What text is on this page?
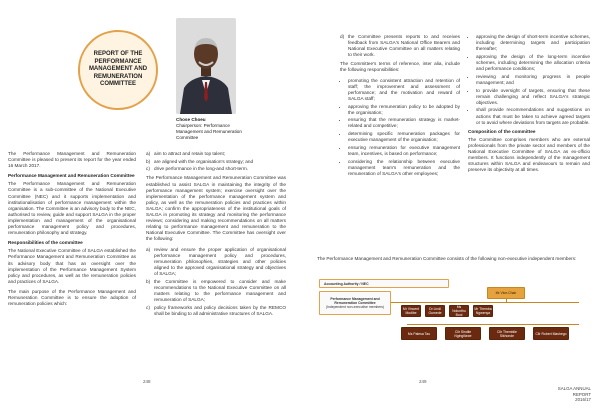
REPORT OF THE PERFORMANCE MANAGEMENT AND REMUNERATION COMMITTEE
Chose Choeu
Chairperson: Performance Management and Remuneration Committee

The Performance Management and Remuneration Committee is pleased to present its report for the year ended 16 March 2017.

Performance Management and Remuneration Committee

The Performance Management and Remuneration Committee is a sub-committee of the National Executive Committee (NEC) and it supports implementation and institutionalisation of performance management within the organisation. The Committee is an advisory body to the NEC, authorised to review, guide and support SALGA in the proper implementation and management of the organisational performance management policy and procedures, remuneration philosophy and strategy.

Responsibilities of the committee

The National Executive Committee of SALGA established the Performance Management and Remuneration Committee as its advisory body that has an oversight over the implementation of the Performance Management System policy and procedures, as well as the remuneration policies and practices of SALGA.

The main purpose of the Performance Management and Remuneration Committee is to ensure the adoption of remuneration policies which:

a) aim to attract and retain top talent;
b) are aligned with the organisation's strategy; and
c) drive performance in the long-and short-term.

The Performance Management and Remuneration Committee was established to assist SALGA in maintaining the integrity of the performance management system; exercise oversight over the implementation of the performance management system and policy, as well as the remuneration policies and practices within SALGA; confirm the appropriateness of the institutional goals of SALGA in promoting its strategy and monitoring the performance reviews; considering and making recommendations on all matters relating to performance management and remuneration to the National Executive Committee. The Committee has oversight over the following:

a) review and ensure the proper application of organisational performance management policy and procedures, remuneration philosophies, strategies and other policies aligned to the approved organisational strategy and objectives of SALGA;
b) the Committee is empowered to consider and make recommendations to the National Executive Committee on all matters relating to the performance management and remuneration of SALGA;
c) policy frameworks and policy decisions taken by the REMCO shall be binding to all administrative structures of SALGA.
248
d) the Committee presents reports to and receives feedback from SALGA's National Office Bearers and National Executive Committee on all matters relating to their work.

The Committee's terms of reference, inter alia, include the following responsibilities:

• promoting the consistent attraction and retention of staff; the improvement and assessment of performance; and the motivation and reward of SALGA staff;
• approving the remuneration policy to be adopted by the organisation;
• ensuring that the remuneration strategy is market-related and competitive;
• determining specific remuneration packages for executive management of the organisation;
• ensuring remuneration for executive management team, incentives, is based on performance;
• considering the relationship between executive management team's remuneration and the remuneration of SALGA's other employees;
• approving the design of short-term incentive schemes, including determining targets and participation thereafter;
• approving the design of the long-term incentive schemes, including determining the allocation criteria and performance conditions;
• reviewing and monitoring progress in people management; and
• to provide oversight of targets, ensuring that these remain challenging and reflect SALGA's strategic objectives.
• shall provide recommendations and suggestions on actions that must be taken to achieve agreed targets or to avoid where deviations from targets are probable.
Composition of the committee

The Committee comprises members who are external professionals from the private sector and members of the National Executive Committee of SALGA as ex-officio members. It functions independently of the management structures within SALGA and endeavours to remain and preserve its objectivity at all times.

The Performance Management and Remuneration Committee consists of the following non-executive independent members:

249
Accounting Authority / NEC
Performance Management and Remuneration Committee
(Independent non-executive members)
Mr Vice-Chair
Mr Vincent Modibe
Dr Lindi Gumede
Ms Nolunthu Booi
Mr Themba Ngwenya
Ms Palesa Tau	Cllr Sindile Ngingilizwe
Cllr Thembile Sikhonde	Cllr Robert Mashego
SALGA ANNUAL REPORT
2016/17
